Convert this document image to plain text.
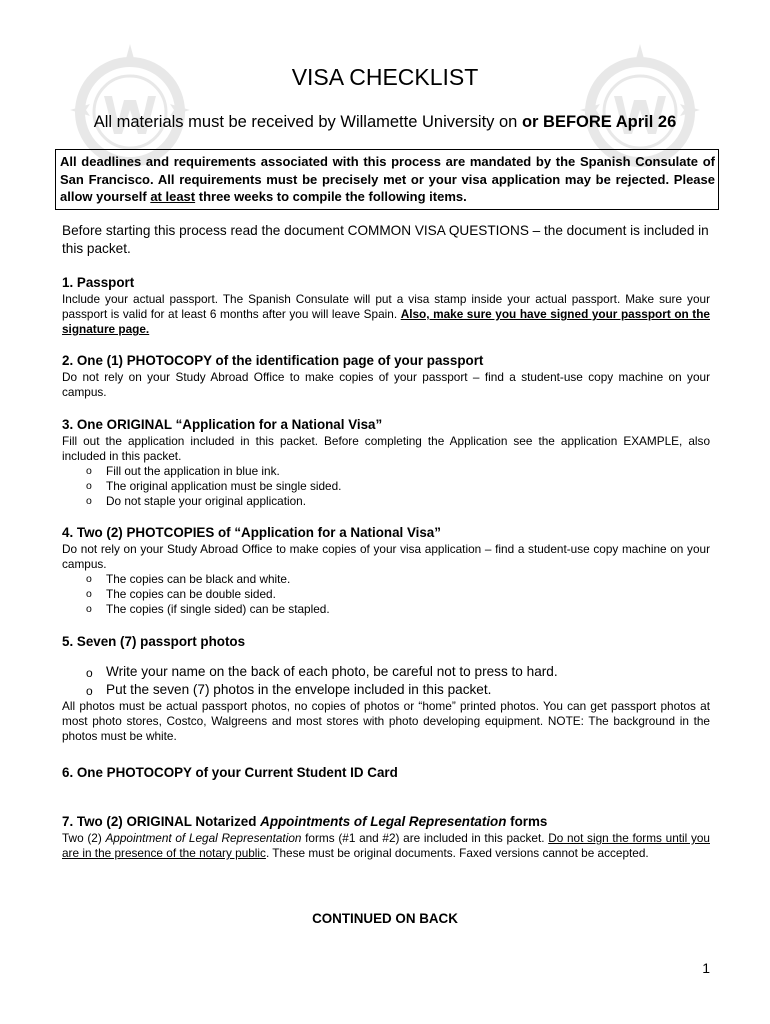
VISA CHECKLIST
All materials must be received by Willamette University on or BEFORE April 26
All deadlines and requirements associated with this process are mandated by the Spanish Consulate of San Francisco. All requirements must be precisely met or your visa application may be rejected. Please allow yourself at least three weeks to compile the following items.
Before starting this process read the document COMMON VISA QUESTIONS – the document is included in this packet.
1. Passport

Include your actual passport. The Spanish Consulate will put a visa stamp inside your actual passport. Make sure your passport is valid for at least 6 months after you will leave Spain. Also, make sure you have signed your passport on the signature page.

2. One (1) PHOTOCOPY of the identification page of your passport

Do not rely on your Study Abroad Office to make copies of your passport – find a student-use copy machine on your campus.

3. One ORIGINAL “Application for a National Visa”

Fill out the application included in this packet. Before completing the Application see the application EXAMPLE, also included in this packet.

o Fill out the application in blue ink.
o The original application must be single sided.
o Do not staple your original application.
4. Two (2) PHOTCOPIES of “Application for a National Visa”

Do not rely on your Study Abroad Office to make copies of your visa application – find a student-use copy machine on your campus.

o The copies can be black and white.
o The copies can be double sided.
o The copies (if single sided) can be stapled.
5. Seven (7) passport photos
o Write your name on the back of each photo, be careful not to press to hard.
o Put the seven (7) photos in the envelope included in this packet.

All photos must be actual passport photos, no copies of photos or “home” printed photos. You can get passport photos at most photo stores, Costco, Walgreens and most stores with photo developing equipment. NOTE: The background in the photos must be white.

6. One PHOTOCOPY of your Current Student ID Card
7. Two (2) ORIGINAL Notarized Appointments of Legal Representation forms

Two (2) Appointment of Legal Representation forms (#1 and #2) are included in this packet. Do not sign the forms until you are in the presence of the notary public. These must be original documents. Faxed versions cannot be accepted.

CONTINUED ON BACK
1
